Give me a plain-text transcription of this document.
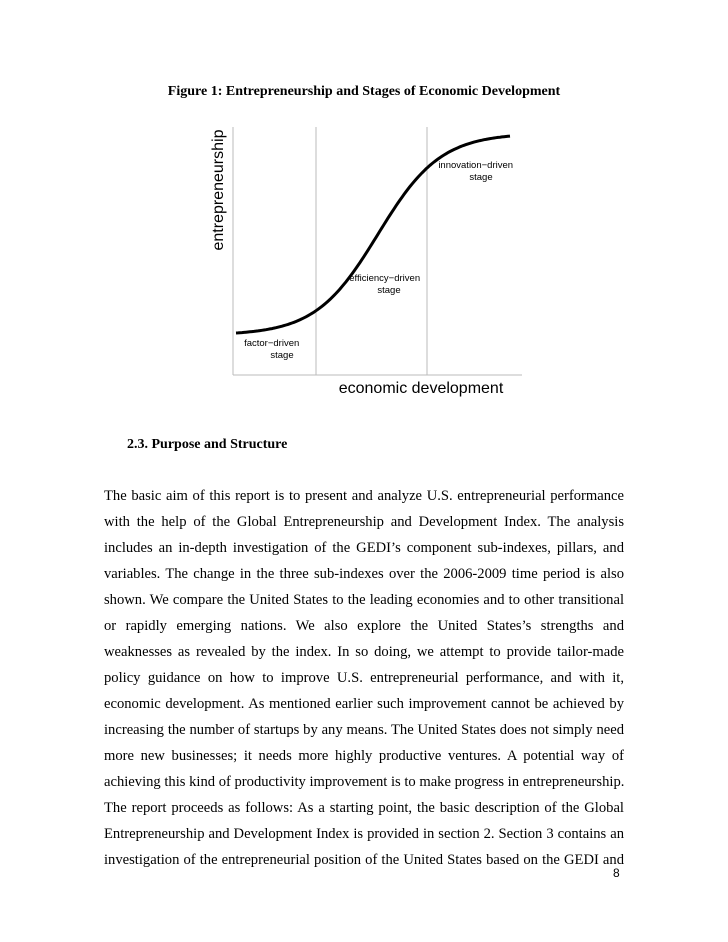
Figure 1: Entrepreneurship and Stages of Economic Development
entrepreneurship
economic development
factor−driven stage
efficiency−driven stage
innovation−driven stage
2.3. Purpose and Structure
The basic aim of this report is to present and analyze U.S. entrepreneurial performance
with the help of the Global Entrepreneurship and Development Index. The analysis
includes an in-depth investigation of the GEDI’s component sub-indexes, pillars, and
variables. The change in the three sub-indexes over the 2006-2009 time period is also
shown. We compare the United States to the leading economies and to other transitional
or rapidly emerging nations. We also explore the United States’s strengths and
weaknesses as revealed by the index. In so doing, we attempt to provide tailor-made
policy guidance on how to improve U.S. entrepreneurial performance, and with it,
economic development. As mentioned earlier such improvement cannot be achieved by
increasing the number of startups by any means. The United States does not simply need
more new businesses; it needs more highly productive ventures. A potential way of
achieving this kind of productivity improvement is to make progress in entrepreneurship.
The report proceeds as follows: As a starting point, the basic description of the Global
Entrepreneurship and Development Index is provided in section 2. Section 3 contains an
investigation of the entrepreneurial position of the United States based on the GEDI and
8
